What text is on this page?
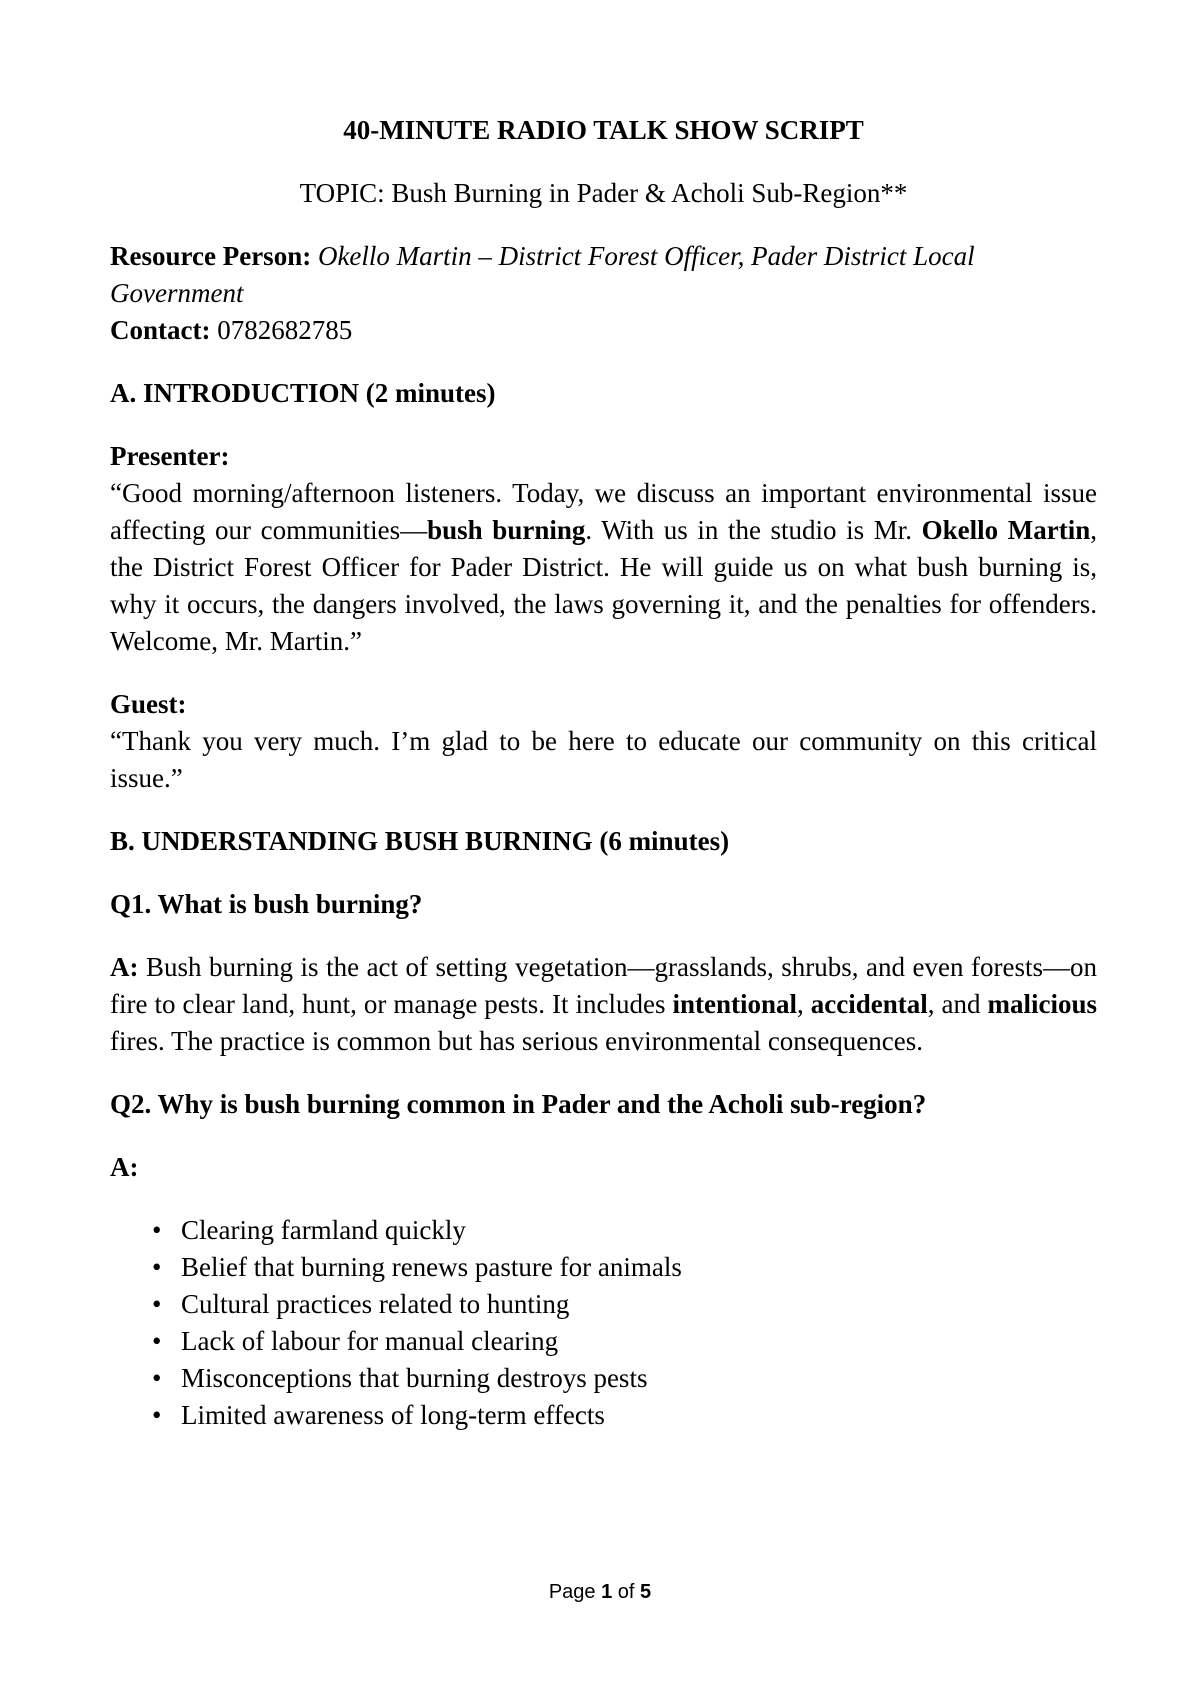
40-MINUTE RADIO TALK SHOW SCRIPT

TOPIC: Bush Burning in Pader & Acholi Sub-Region**

Resource Person: Okello Martin – District Forest Officer, Pader District Local Government

Contact: 0782682785

A. INTRODUCTION (2 minutes)

Presenter:

“Good morning/afternoon listeners. Today, we discuss an important environmental issue affecting our communities—bush burning. With us in the studio is Mr. Okello Martin, the District Forest Officer for Pader District. He will guide us on what bush burning is, why it occurs, the dangers involved, the laws governing it, and the penalties for offenders. Welcome, Mr. Martin.”

Guest:

“Thank you very much. I’m glad to be here to educate our community on this critical issue.”

B. UNDERSTANDING BUSH BURNING (6 minutes)

Q1. What is bush burning?

A: Bush burning is the act of setting vegetation—grasslands, shrubs, and even forests—on fire to clear land, hunt, or manage pests. It includes intentional, accidental, and malicious fires. The practice is common but has serious environmental consequences.

Q2. Why is bush burning common in Pader and the Acholi sub-region?

A:

• Clearing farmland quickly
• Belief that burning renews pasture for animals
• Cultural practices related to hunting
• Lack of labour for manual clearing
• Misconceptions that burning destroys pests
• Limited awareness of long-term effects
Page 1 of 5
